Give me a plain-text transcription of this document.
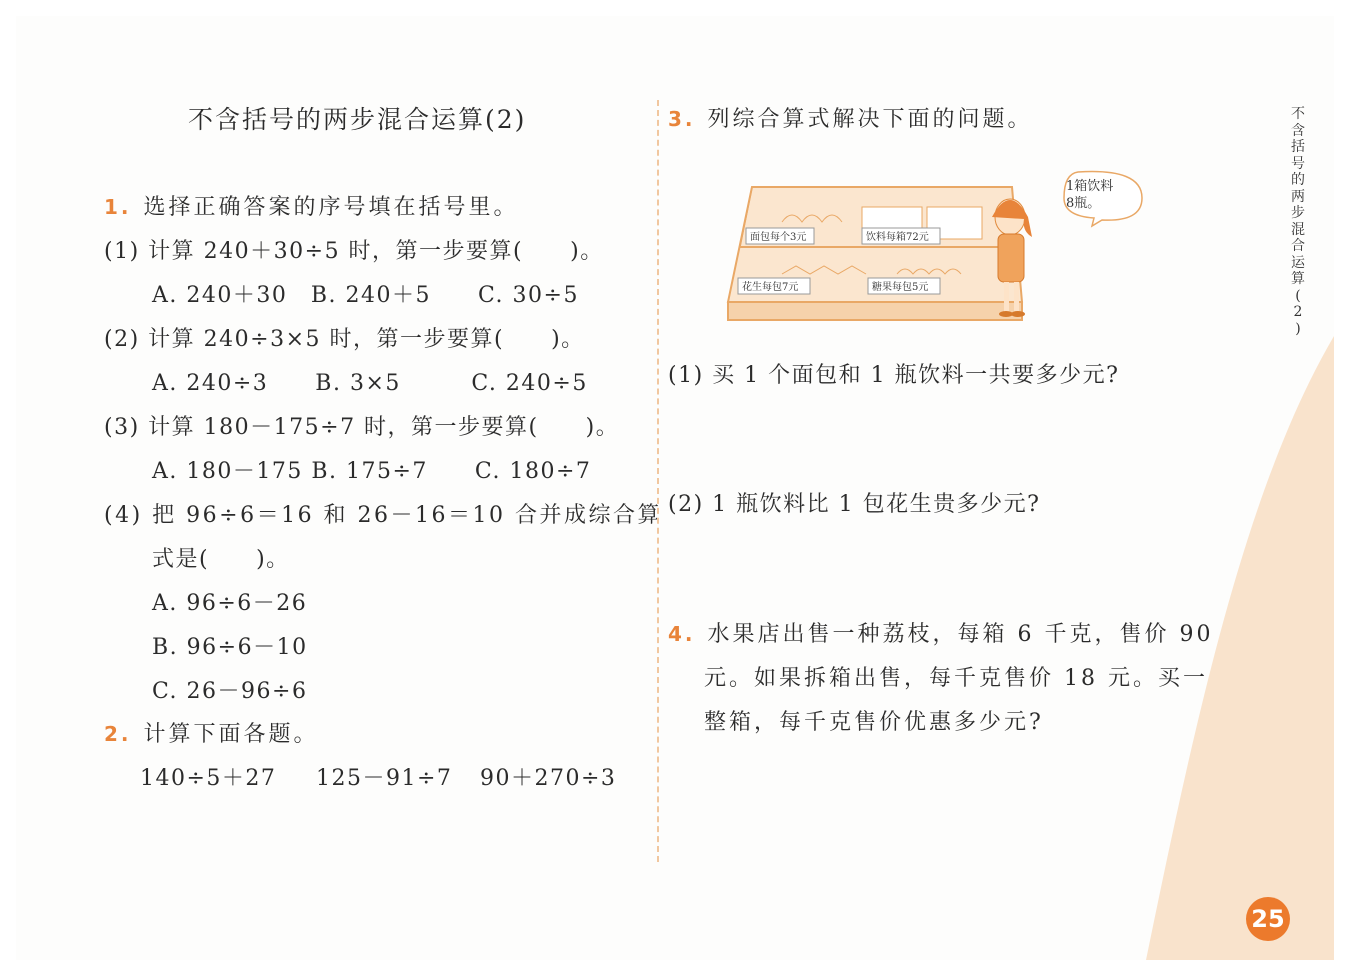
不含括号的两步混合运算(2)
1. 选择正确答案的序号填在括号里。
(1) 计算 240＋30÷5 时，第一步要算(　　)。
A. 240＋30　B. 240＋5　　C. 30÷5
(2) 计算 240÷3×5 时，第一步要算(　　)。
A. 240÷3　　B. 3×5　　　C. 240÷5
(3) 计算 180－175÷7 时，第一步要算(　　)。
A. 180－175 B. 175÷7　　C. 180÷7
(4) 把 96÷6＝16 和 26－16＝10 合并成综合算
式是(　　)。
A. 96÷6－26
B. 96÷6－10
C. 26－96÷6
2. 计算下面各题。
140÷5＋27 125－91÷7 90＋270÷3
3. 列综合算式解决下面的问题。
面包每个3元	饮料每箱72元
花生每包7元	糖果每包5元
1箱饮料
8瓶。
(1) 买 1 个面包和 1 瓶饮料一共要多少元?
(2) 1 瓶饮料比 1 包花生贵多少元?
4. 水果店出售一种荔枝，每箱 6 千克，售价 90
元。如果拆箱出售，每千克售价 18 元。买一
整箱，每千克售价优惠多少元?
不
含
括
号
的
两
步
混
合
运
算
(
2
)
25
